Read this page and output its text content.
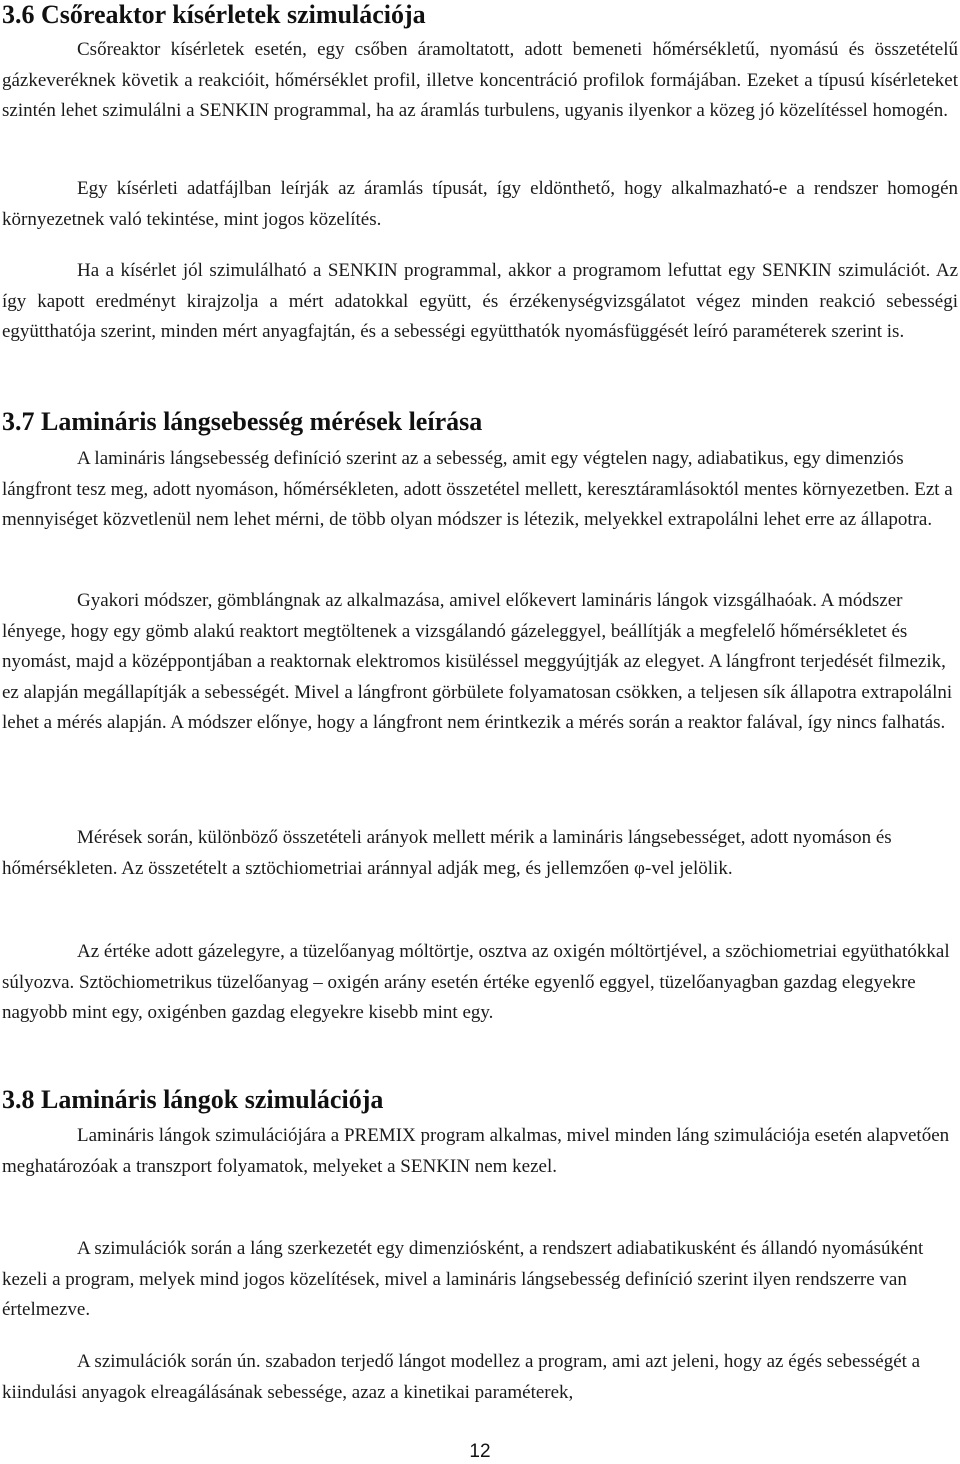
3.6 Csőreaktor kísérletek szimulációja

Csőreaktor kísérletek esetén, egy csőben áramoltatott, adott bemeneti hőmérsékletű, nyomású és összetételű gázkeveréknek követik a reakcióit, hőmérséklet profil, illetve koncentráció profilok formájában. Ezeket a típusú kísérleteket szintén lehet szimulálni a SENKIN programmal, ha az áramlás turbulens, ugyanis ilyenkor a közeg jó közelítéssel homogén.

Egy kísérleti adatfájlban leírják az áramlás típusát, így eldönthető, hogy alkalmazható-e a rendszer homogén környezetnek való tekintése, mint jogos közelítés.

Ha a kísérlet jól szimulálható a SENKIN programmal, akkor a programom lefuttat egy SENKIN szimulációt. Az így kapott eredményt kirajzolja a mért adatokkal együtt, és érzékenységvizsgálatot végez minden reakció sebességi együtthatója szerint, minden mért anyagfajtán, és a sebességi együtthatók nyomásfüggését leíró paraméterek szerint is.

3.7 Lamináris lángsebesség mérések leírása

A lamináris lángsebesség definíció szerint az a sebesség, amit egy végtelen nagy, adiabatikus, egy dimenziós lángfront tesz meg, adott nyomáson, hőmérsékleten, adott összetétel mellett, keresztáramlásoktól mentes környezetben. Ezt a mennyiséget közvetlenül nem lehet mérni, de több olyan módszer is létezik, melyekkel extrapolálni lehet erre az állapotra.

Gyakori módszer, gömblángnak az alkalmazása, amivel előkevert lamináris lángok vizsgálhaóak. A módszer lényege, hogy egy gömb alakú reaktort megtöltenek a vizsgálandó gázeleggyel, beállítják a megfelelő hőmérsékletet és nyomást, majd a középpontjában a reaktornak elektromos kisüléssel meggyújtják az elegyet. A lángfront terjedését filmezik, ez alapján megállapítják a sebességét. Mivel a lángfront görbülete folyamatosan csökken, a teljesen sík állapotra extrapolálni lehet a mérés alapján. A módszer előnye, hogy a lángfront nem érintkezik a mérés során a reaktor falával, így nincs falhatás.

Mérések során, különböző összetételi arányok mellett mérik a lamináris lángsebességet, adott nyomáson és hőmérsékleten. Az összetételt a sztöchiometriai aránnyal adják meg, és jellemzően φ-vel jelölik.

Az értéke adott gázelegyre, a tüzelőanyag móltörtje, osztva az oxigén móltörtjével, a szöchiometriai együthatókkal súlyozva. Sztöchiometrikus tüzelőanyag – oxigén arány esetén értéke egyenlő eggyel, tüzelőanyagban gazdag elegyekre nagyobb mint egy, oxigénben gazdag elegyekre kisebb mint egy.

3.8 Lamináris lángok szimulációja

Lamináris lángok szimulációjára a PREMIX program alkalmas, mivel minden láng szimulációja esetén alapvetően meghatározóak a transzport folyamatok, melyeket a SENKIN nem kezel.

A szimulációk során a láng szerkezetét egy dimenziósként, a rendszert adiabatikusként és állandó nyomásúként kezeli a program, melyek mind jogos közelítések, mivel a lamináris lángsebesség definíció szerint ilyen rendszerre van értelmezve.

A szimulációk során ún. szabadon terjedő lángot modellez a program, ami azt jeleni, hogy az égés sebességét a kiindulási anyagok elreagálásának sebessége, azaz a kinetikai paraméterek,

12
